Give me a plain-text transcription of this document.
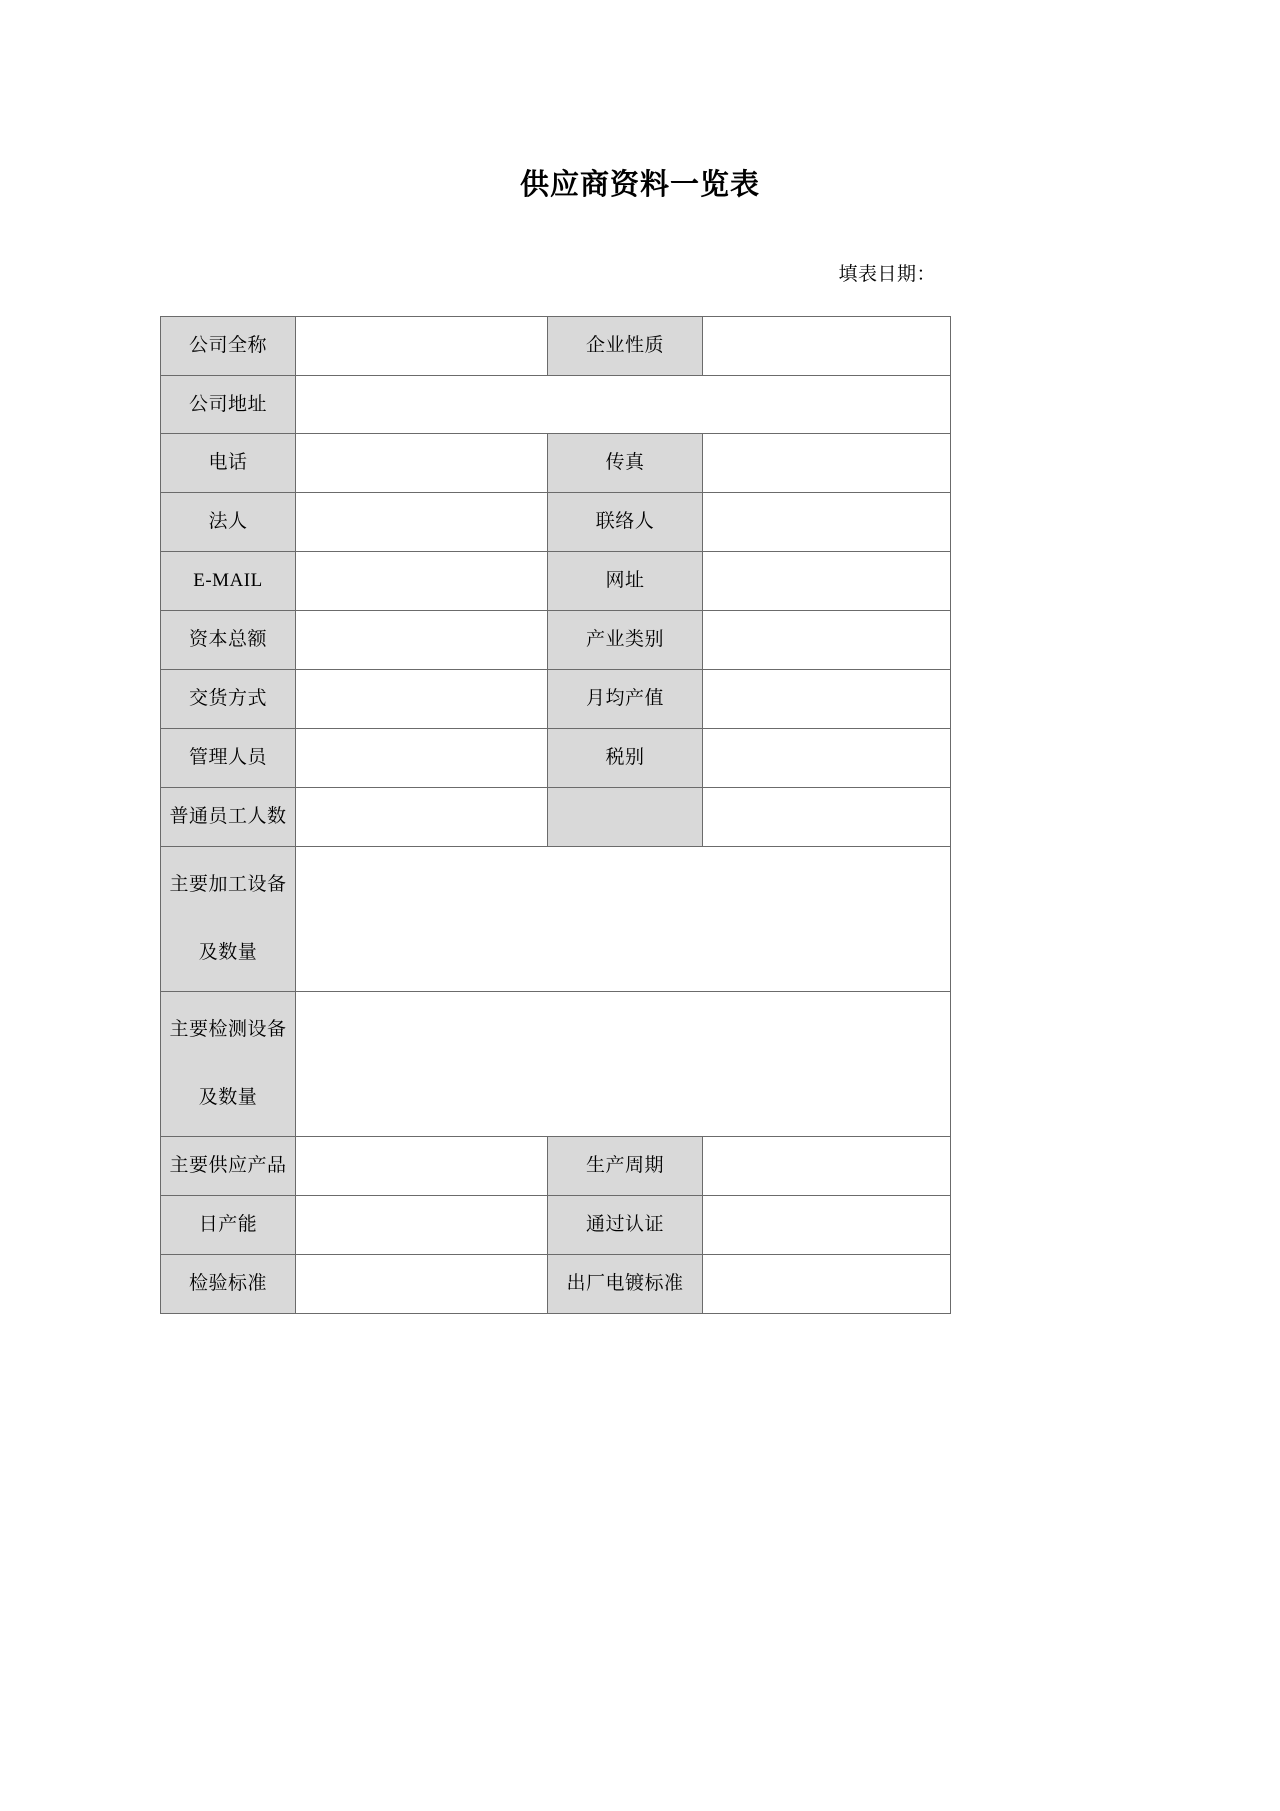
供应商资料一览表
填表日期：
公司全称		企业性质	
公司地址			
电话		传真	
法人		联络人	
E-MAIL		网址	
资本总额		产业类别	
交货方式		月均产值	
管理人员		税别	
普通员工人数			

主要加工设备
及数量			

主要检测设备
及数量			

主要供应产品		生产周期	
日产能		通过认证	
检验标准		出厂电镀标准	
